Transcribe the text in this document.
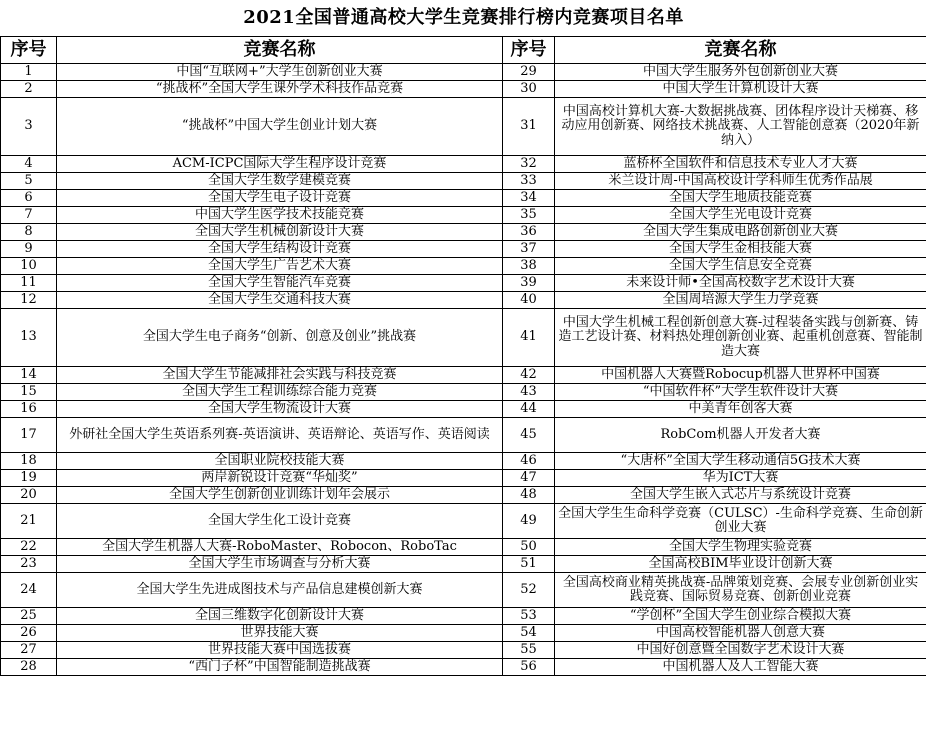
2021全国普通高校大学生竞赛排行榜内竞赛项目名单			
序号	竞赛名称	序号	竞赛名称
1	中国“互联网+”大学生创新创业大赛	29	中国大学生服务外包创新创业大赛
2	“挑战杯”全国大学生课外学术科技作品竞赛	30	中国大学生计算机设计大赛
3	“挑战杯”中国大学生创业计划大赛	31	中国高校计算机大赛-大数据挑战赛、团体程序设计天梯赛、移动应用创新赛、网络技术挑战赛、人工智能创意赛（2020年新纳入）
4	ACM-ICPC国际大学生程序设计竞赛	32	蓝桥杯全国软件和信息技术专业人才大赛
5	全国大学生数学建模竞赛	33	米兰设计周-中国高校设计学科师生优秀作品展
6	全国大学生电子设计竞赛	34	全国大学生地质技能竞赛
7	中国大学生医学技术技能竞赛	35	全国大学生光电设计竞赛
8	全国大学生机械创新设计大赛	36	全国大学生集成电路创新创业大赛
9	全国大学生结构设计竞赛	37	全国大学生金相技能大赛
10	全国大学生广告艺术大赛	38	全国大学生信息安全竞赛
11	全国大学生智能汽车竞赛	39	未来设计师•全国高校数字艺术设计大赛
12	全国大学生交通科技大赛	40	全国周培源大学生力学竞赛
13	全国大学生电子商务“创新、创意及创业”挑战赛	41	中国大学生机械工程创新创意大赛-过程装备实践与创新赛、铸造工艺设计赛、材料热处理创新创业赛、起重机创意赛、智能制造大赛
14	全国大学生节能减排社会实践与科技竞赛	42	中国机器人大赛暨Robocup机器人世界杯中国赛
15	全国大学生工程训练综合能力竞赛	43	“中国软件杯”大学生软件设计大赛
16	全国大学生物流设计大赛	44	中美青年创客大赛
17	外研社全国大学生英语系列赛-英语演讲、英语辩论、英语写作、英语阅读	45	RobCom机器人开发者大赛
18	全国职业院校技能大赛	46	“大唐杯”全国大学生移动通信5G技术大赛
19	两岸新锐设计竞赛“华灿奖”	47	华为ICT大赛
20	全国大学生创新创业训练计划年会展示	48	全国大学生嵌入式芯片与系统设计竞赛
21	全国大学生化工设计竞赛	49	全国大学生生命科学竞赛（CULSC）-生命科学竞赛、生命创新创业大赛
22	全国大学生机器人大赛-RoboMaster、Robocon、RoboTac	50	全国大学生物理实验竞赛
23	全国大学生市场调查与分析大赛	51	全国高校BIM毕业设计创新大赛
24	全国大学生先进成图技术与产品信息建模创新大赛	52	全国高校商业精英挑战赛-品牌策划竞赛、会展专业创新创业实践竞赛、国际贸易竞赛、创新创业竞赛
25	全国三维数字化创新设计大赛	53	“学创杯”全国大学生创业综合模拟大赛
26	世界技能大赛	54	中国高校智能机器人创意大赛
27	世界技能大赛中国选拔赛	55	中国好创意暨全国数字艺术设计大赛
28	“西门子杯”中国智能制造挑战赛	56	中国机器人及人工智能大赛
